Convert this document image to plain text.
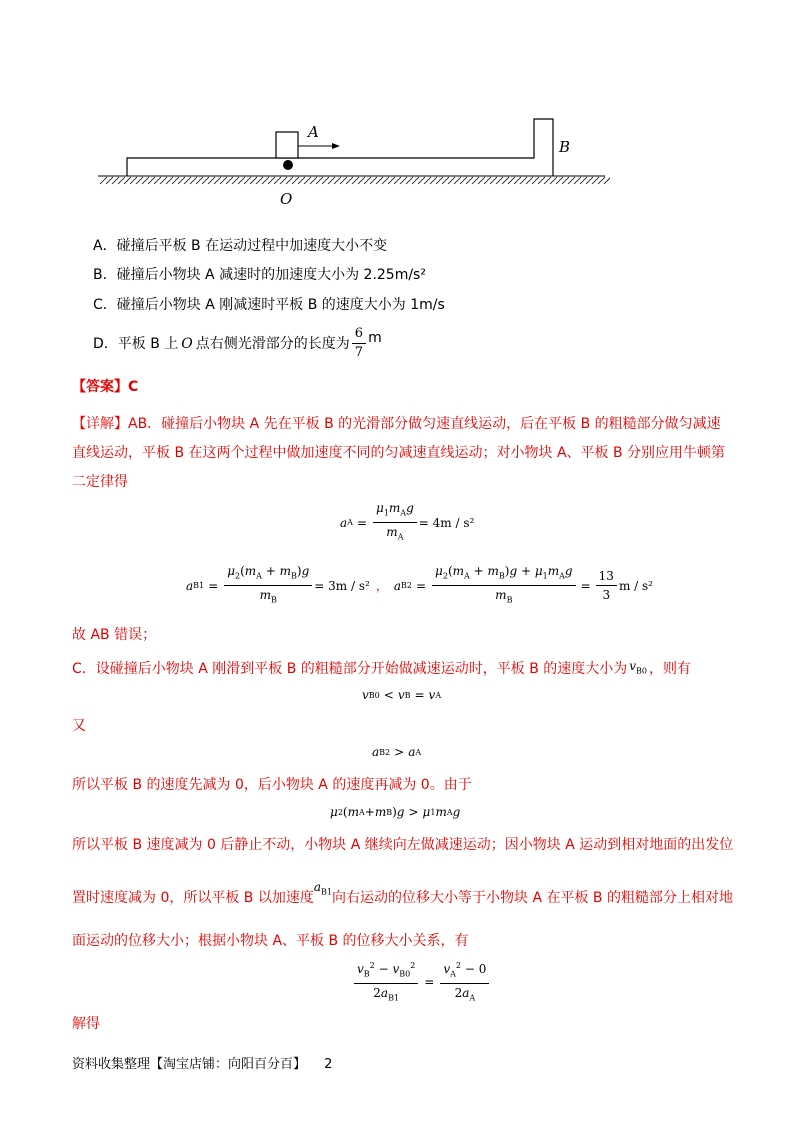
A
B
O
A．碰撞后平板 B 在运动过程中加速度大小不变
B．碰撞后小物块 A 减速时的加速度大小为 2.25m/s²
C．碰撞后小物块 A 刚减速时平板 B 的速度大小为 1m/s
D．平板 B 上 O 点右侧光滑部分的长度为 $\frac{6}{7}$ m
【答案】C
【详解】AB．碰撞后小物块 A 先在平板 B 的光滑部分做匀速直线运动，后在平板 B 的粗糙部分做匀减速直线运动，平板 B 在这两个过程中做加速度不同的匀减速直线运动；对小物块 A、平板 B 分别应用牛顿第二定律得
a $A = \frac{\mu_1m_Ag}{m_A} = 4m / s^2$
a $B1 = \frac{\mu_2(m_A + m_B)g}{m_B} = 3m / s^2$ ， a $B2 = \frac{\mu_2(m_A + m_B)g + \mu_1m_Ag}{m_B} = \frac{13}{3}$ m / s²
故 AB 错误；
C．设碰撞后小物块 A 刚滑到平板 B 的粗糙部分开始做减速运动时，平板 B 的速度大小为 $v_{B0}$ ，则有
v B0 < v B = v A
又
a B2 > a A
所以平板 B 的速度先减为 0，后小物块 A 的速度再减为 0。由于
μ 2 ( m A + m B ) g > μ 1 m A g
所以平板 B 速度减为 0 后静止不动，小物块 A 继续向左做减速运动；因小物块 A 运动到相对地面的出发位
置时速度减为 0，所以平板 B 以加速度
$a_{B1}$ 向右运动的位移大小等于小物块 A 在平板 B 的粗糙部分上相对地
面运动的位移大小；根据小物块 A、平板 B 的位移大小关系，有
$\frac{v_B^2 - v_{B0}^2}{2a_{B1}} = \frac{v_A^2 - 0}{2a_A}$
解得
资料收集整理【淘宝店铺：向阳百分百】 2
